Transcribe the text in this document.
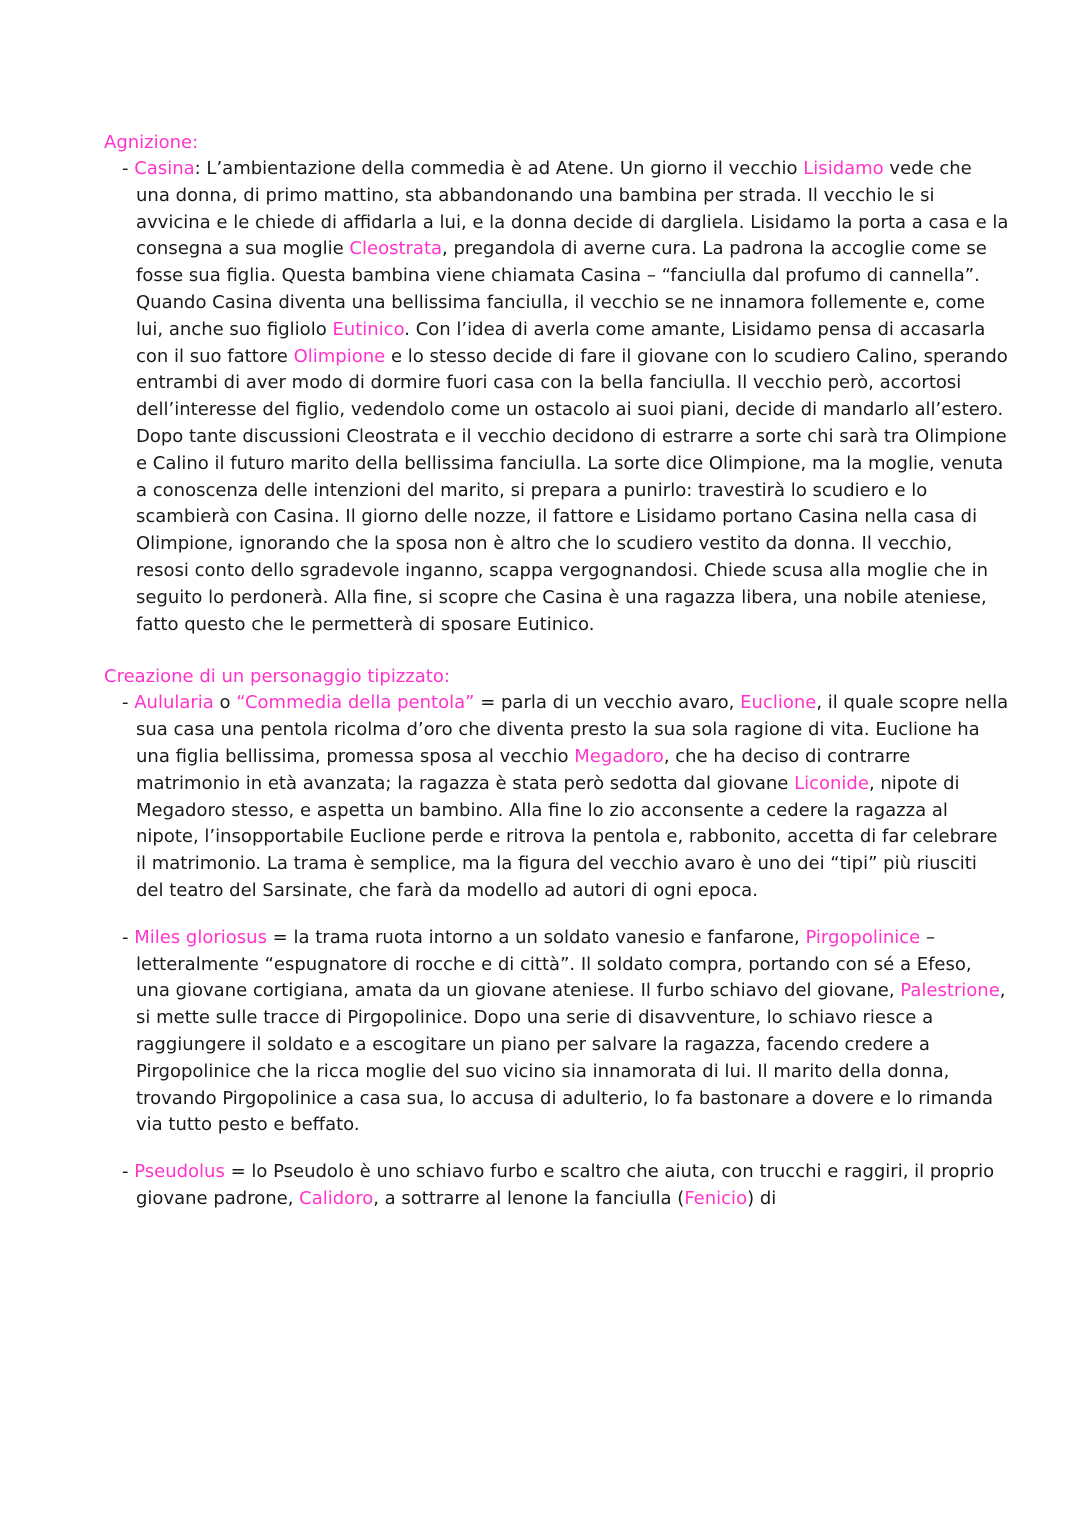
Agnizione:

- Casina: L’ambientazione della commedia è ad Atene. Un giorno il vecchio Lisidamo vede che una donna, di primo mattino, sta abbandonando una bambina per strada. Il vecchio le si avvicina e le chiede di affidarla a lui, e la donna decide di dargliela. Lisidamo la porta a casa e la consegna a sua moglie Cleostrata, pregandola di averne cura. La padrona la accoglie come se fosse sua figlia. Questa bambina viene chiamata Casina – “fanciulla dal profumo di cannella”. Quando Casina diventa una bellissima fanciulla, il vecchio se ne innamora follemente e, come lui, anche suo figliolo Eutinico. Con l’idea di averla come amante, Lisidamo pensa di accasarla con il suo fattore Olimpione e lo stesso decide di fare il giovane con lo scudiero Calino, sperando entrambi di aver modo di dormire fuori casa con la bella fanciulla. Il vecchio però, accortosi dell’interesse del figlio, vedendolo come un ostacolo ai suoi piani, decide di mandarlo all’estero.

Dopo tante discussioni Cleostrata e il vecchio decidono di estrarre a sorte chi sarà tra Olimpione e Calino il futuro marito della bellissima fanciulla. La sorte dice Olimpione, ma la moglie, venuta a conoscenza delle intenzioni del marito, si prepara a punirlo: travestirà lo scudiero e lo scambierà con Casina. Il giorno delle nozze, il fattore e Lisidamo portano Casina nella casa di Olimpione, ignorando che la sposa non è altro che lo scudiero vestito da donna. Il vecchio, resosi conto dello sgradevole inganno, scappa vergognandosi. Chiede scusa alla moglie che in seguito lo perdonerà. Alla fine, si scopre che Casina è una ragazza libera, una nobile ateniese, fatto questo che le permetterà di sposare Eutinico.

Creazione di un personaggio tipizzato:

- Aulularia o “Commedia della pentola” = parla di un vecchio avaro, Euclione, il quale scopre nella sua casa una pentola ricolma d’oro che diventa presto la sua sola ragione di vita. Euclione ha una figlia bellissima, promessa sposa al vecchio Megadoro, che ha deciso di contrarre matrimonio in età avanzata; la ragazza è stata però sedotta dal giovane Liconide, nipote di Megadoro stesso, e aspetta un bambino. Alla fine lo zio acconsente a cedere la ragazza al nipote, l’insopportabile Euclione perde e ritrova la pentola e, rabbonito, accetta di far celebrare il matrimonio. La trama è semplice, ma la figura del vecchio avaro è uno dei “tipi” più riusciti del teatro del Sarsinate, che farà da modello ad autori di ogni epoca.

- Miles gloriosus = la trama ruota intorno a un soldato vanesio e fanfarone, Pirgopolinice – letteralmente “espugnatore di rocche e di città”. Il soldato compra, portando con sé a Efeso, una giovane cortigiana, amata da un giovane ateniese. Il furbo schiavo del giovane, Palestrione, si mette sulle tracce di Pirgopolinice. Dopo una serie di disavventure, lo schiavo riesce a raggiungere il soldato e a escogitare un piano per salvare la ragazza, facendo credere a Pirgopolinice che la ricca moglie del suo vicino sia innamorata di lui. Il marito della donna, trovando Pirgopolinice a casa sua, lo accusa di adulterio, lo fa bastonare a dovere e lo rimanda via tutto pesto e beffato.

- Pseudolus = lo Pseudolo è uno schiavo furbo e scaltro che aiuta, con trucchi e raggiri, il proprio giovane padrone, Calidoro, a sottrarre al lenone la fanciulla (Fenicio) di
